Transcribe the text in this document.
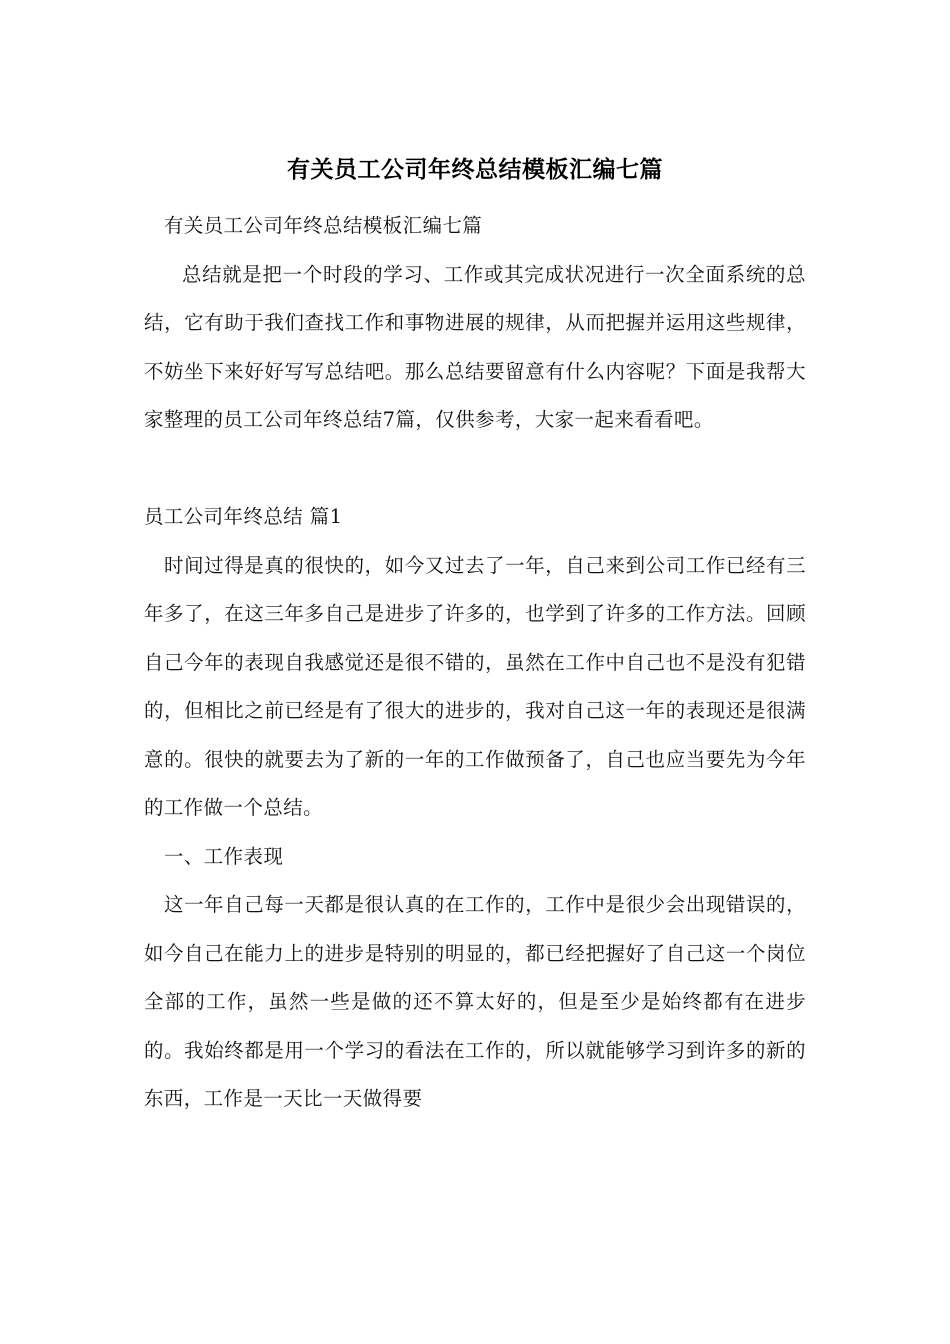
有关员工公司年终总结模板汇编七篇

有关员工公司年终总结模板汇编七篇

总结就是把一个时段的学习、工作或其完成状况进行一次全面系统的总结，它有助于我们查找工作和事物进展的规律，从而把握并运用这些规律，不妨坐下来好好写写总结吧。那么总结要留意有什么内容呢？下面是我帮大家整理的员工公司年终总结7篇，仅供参考，大家一起来看看吧。

员工公司年终总结 篇1

时间过得是真的很快的，如今又过去了一年，自己来到公司工作已经有三年多了，在这三年多自己是进步了许多的，也学到了许多的工作方法。回顾自己今年的表现自我感觉还是很不错的，虽然在工作中自己也不是没有犯错的，但相比之前已经是有了很大的进步的，我对自己这一年的表现还是很满意的。很快的就要去为了新的一年的工作做预备了，自己也应当要先为今年的工作做一个总结。

一、工作表现

这一年自己每一天都是很认真的在工作的，工作中是很少会出现错误的，如今自己在能力上的进步是特别的明显的，都已经把握好了自己这一个岗位全部的工作，虽然一些是做的还不算太好的，但是至少是始终都有在进步的。我始终都是用一个学习的看法在工作的，所以就能够学习到许多的新的东西，工作是一天比一天做得要
